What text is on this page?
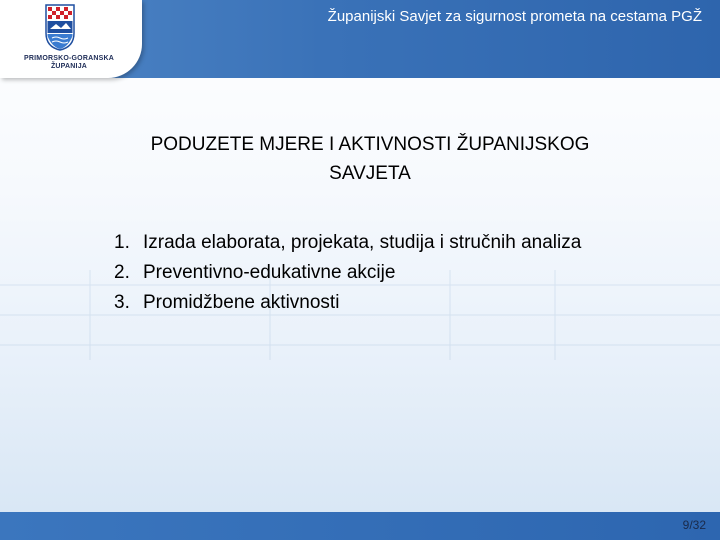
Županijski Savjet za sigurnost prometa na cestama PGŽ
PRIMORSKO-GORANSKA
ŽUPANIJA
PODUZETE MJERE I AKTIVNOSTI ŽUPANIJSKOG
SAVJETA
1. Izrada elaborata, projekata, studija i stručnih analiza
2. Preventivno-edukativne akcije
3. Promidžbene aktivnosti
9/32
